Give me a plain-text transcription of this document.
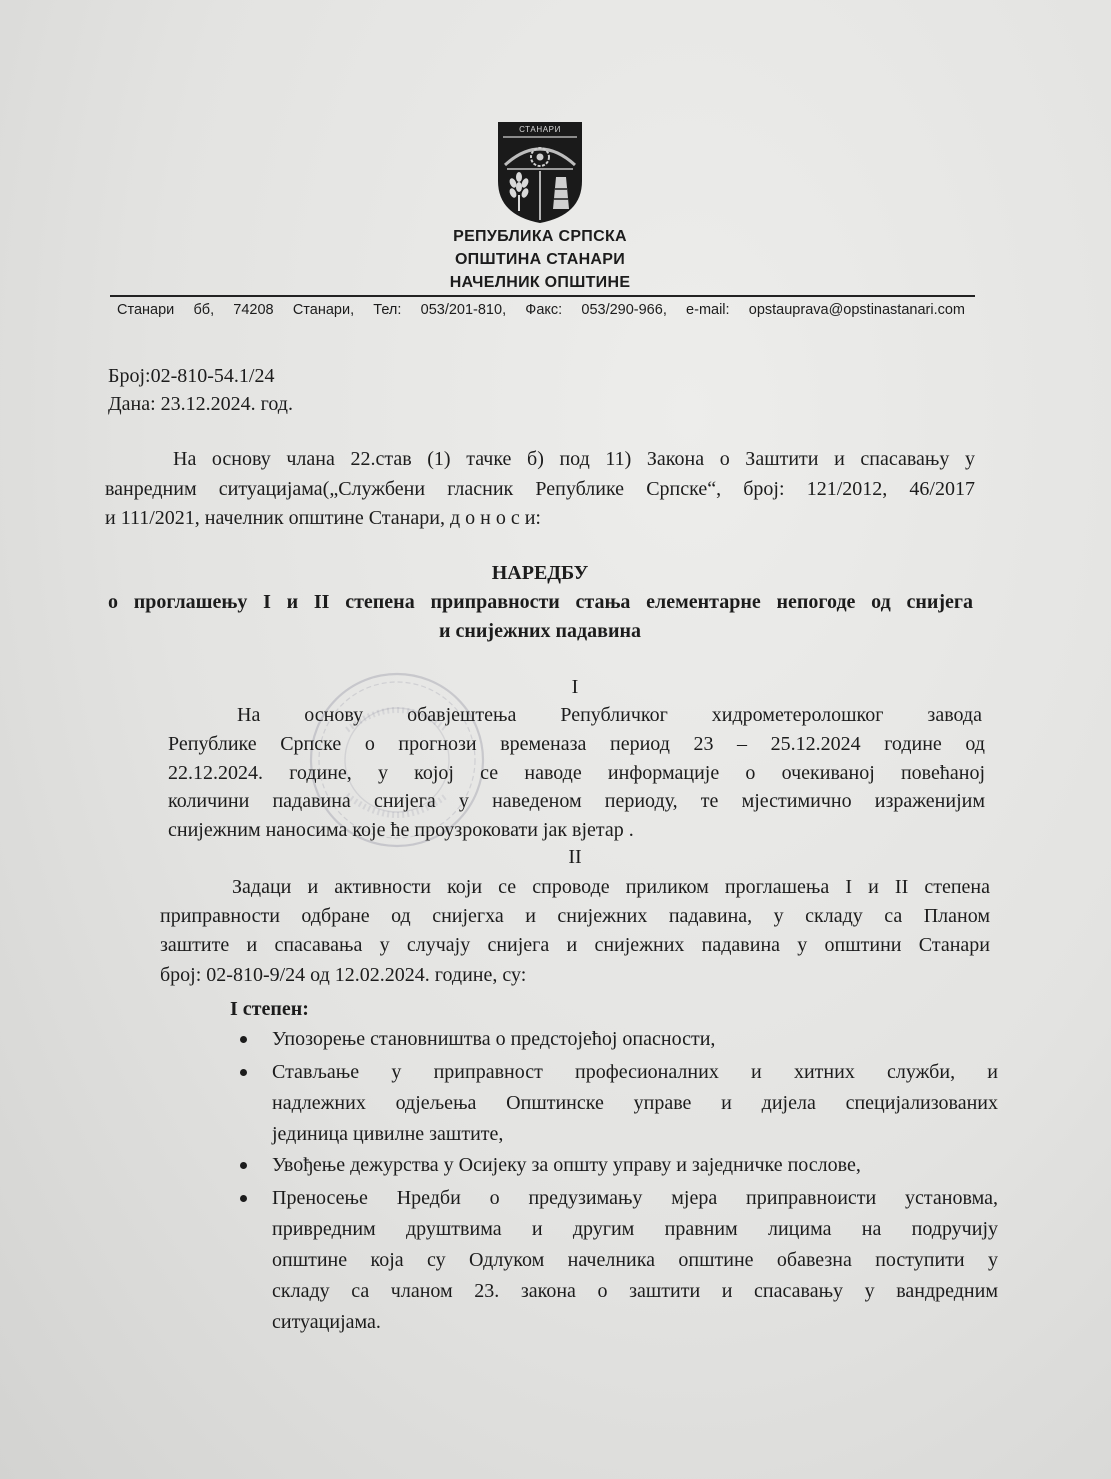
СТАНАРИ
РЕПУБЛИКА СРПСКА
ОПШТИНА СТАНАРИ
НАЧЕЛНИК ОПШТИНЕ
Станари бб, 74208 Станари, Тел: 053/201-810, Факс: 053/290-966, e-mail: opstauprava@opstinastanari.com
Број:02-810-54.1/24
Дана: 23.12.2024. год.
На основу члана 22.став (1) тачке б) под 11) Закона о Заштити и спасавању у
ванредним ситуацијама(„Службени гласник Републике Српске“, број: 121/2012, 46/2017
и 111/2021, начелник општине Станари, д о н о с и:
НАРЕДБУ
о проглашењу I и II степена приправности стања елементарне непогоде од снијега
и снијежних падавина
I
На основу обавјештења Републичког хидрометеролошког завода
Републике Српске о прогнози временаза период 23 – 25.12.2024 године од
22.12.2024. године, у којој се наводе информације о очекиваној повећаној
количини падавина снијега у наведеном периоду, те мјестимично израженијим
снијежним наносима које ће проузроковати јак вјетар .
II
Задаци и активности који се спроводе приликом проглашења I и II степена
приправности одбране од снијегха и снијежних падавина, у складу са Планом
заштите и спасавања у случају снијега и снијежних падавина у општини Станари
број: 02-810-9/24 од 12.02.2024. године, су:
I степен:
Упозорење становништва о предстојећој опасности,
Стављање у приправност професионалних и хитних служби, и
надлежних одјељења Општинске управе и дијела специјализованих
јединица цивилне заштите,
Увођење дежурства у Осијеку за општу управу и заједничке послове,
Преносење Нредби о предузимању мјера приправноисти установма,
привредним друштвима и другим правним лицима на подручију
општине која су Одлуком начелника општине обавезна поступити у
складу са чланом 23. закона о заштити и спасавању у вандредним
ситуацијама.
